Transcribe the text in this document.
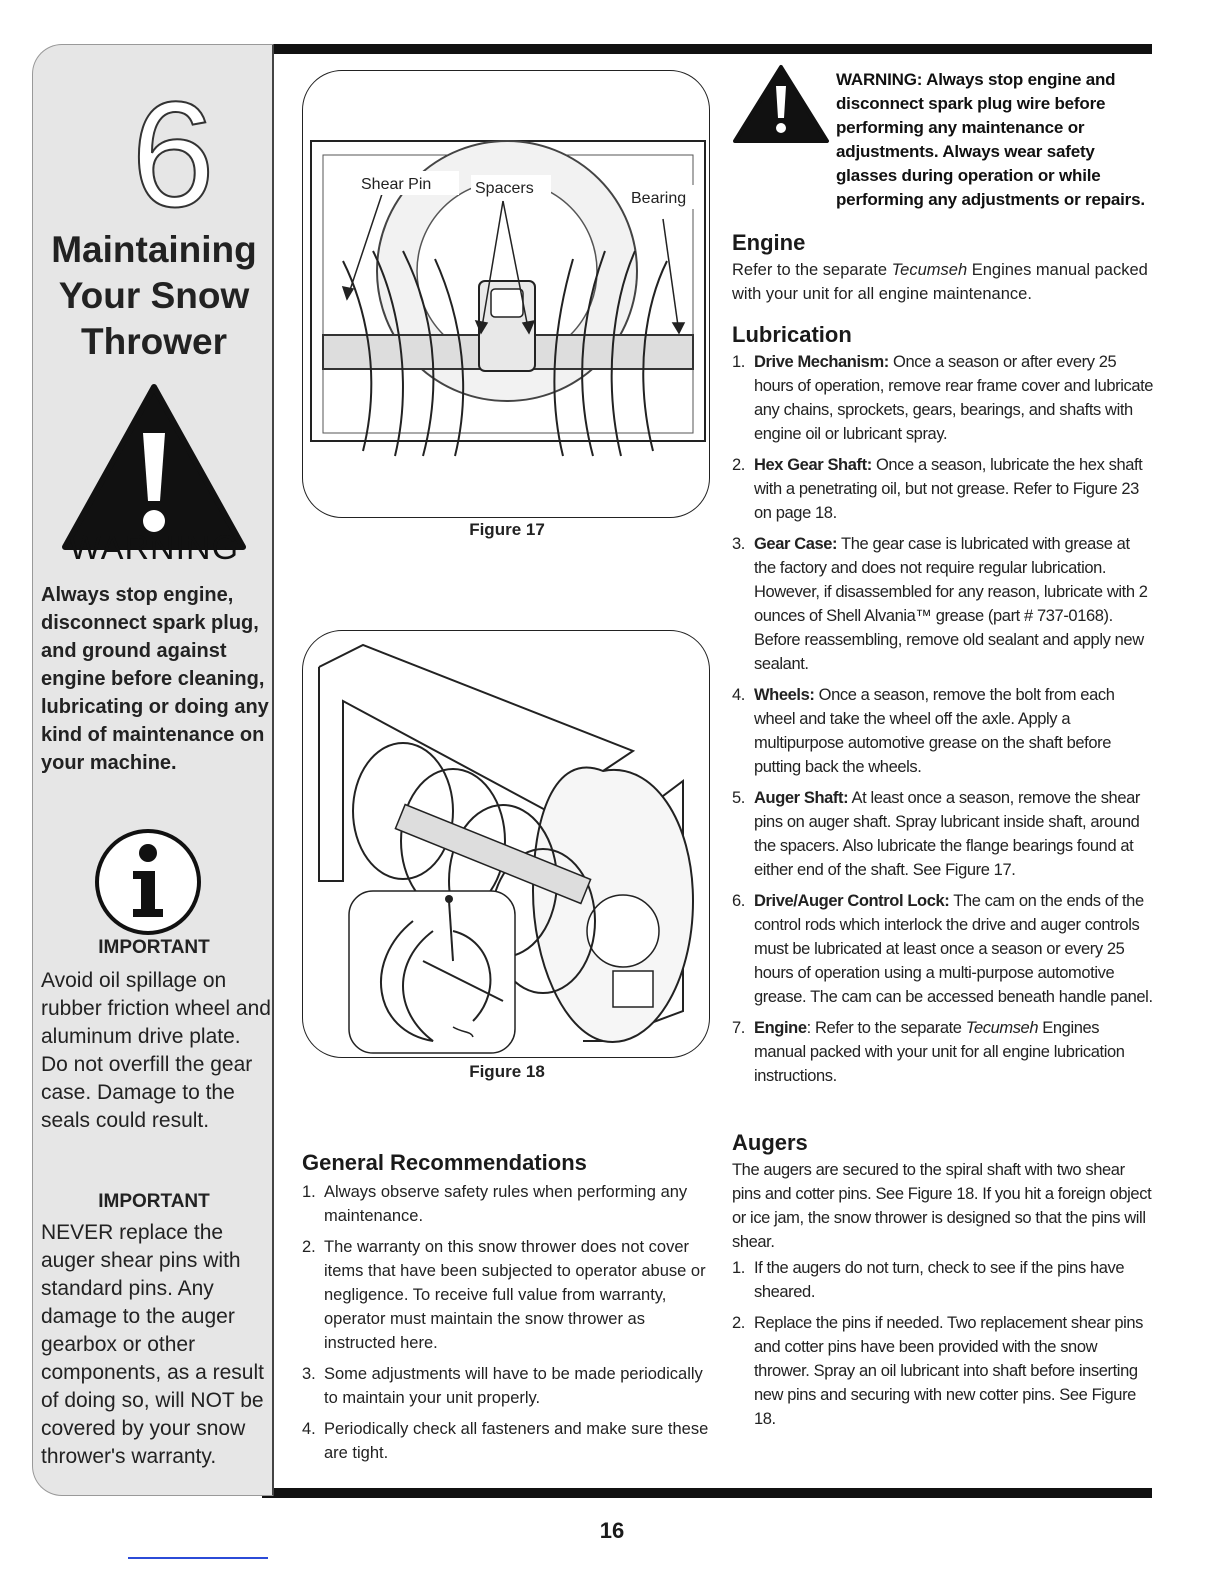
6
Maintaining
Your Snow
Thrower
WARNING
Always stop engine, disconnect spark plug, and ground against engine before cleaning, lubricating or doing any kind of maintenance on your machine.
IMPORTANT
Avoid oil spillage on rubber friction wheel and aluminum drive plate. Do not overfill the gear case. Damage to the seals could result.
IMPORTANT
NEVER replace the auger shear pins with standard pins. Any damage to the auger gearbox or other components, as a result of doing so, will NOT be covered by your snow thrower's warranty.
Shear Pin	Spacers
Bearing
Figure 17
Figure 18
General Recommendations
1. Always observe safety rules when performing any maintenance.
2. The warranty on this snow thrower does not cover items that have been subjected to operator abuse or negligence. To receive full value from warranty, operator must maintain the snow thrower as instructed here.
3. Some adjustments will have to be made periodically to maintain your unit properly.
4. Periodically check all fasteners and make sure these are tight.
WARNING: Always stop engine and disconnect spark plug wire before performing any maintenance or adjustments. Always wear safety glasses during operation or while performing any adjustments or repairs.
Engine
Refer to the separate Tecumseh Engines manual packed with your unit for all engine maintenance.
Lubrication
1. Drive Mechanism: Once a season or after every 25 hours of operation, remove rear frame cover and lubricate any chains, sprockets, gears, bearings, and shafts with engine oil or lubricant spray.
2. Hex Gear Shaft: Once a season, lubricate the hex shaft with a penetrating oil, but not grease. Refer to Figure 23 on page 18.
3. Gear Case: The gear case is lubricated with grease at the factory and does not require regular lubrication. However, if disassembled for any reason, lubricate with 2 ounces of Shell Alvania™ grease (part # 737-0168). Before reassembling, remove old sealant and apply new sealant.
4. Wheels: Once a season, remove the bolt from each wheel and take the wheel off the axle. Apply a multipurpose automotive grease on the shaft before putting back the wheels.
5. Auger Shaft: At least once a season, remove the shear pins on auger shaft. Spray lubricant inside shaft, around the spacers. Also lubricate the flange bearings found at either end of the shaft. See Figure 17.
6. Drive/Auger Control Lock: The cam on the ends of the control rods which interlock the drive and auger controls must be lubricated at least once a season or every 25 hours of operation using a multi-purpose automotive grease. The cam can be accessed beneath handle panel.
7. Engine: Refer to the separate Tecumseh Engines manual packed with your unit for all engine lubrication instructions.
Augers
The augers are secured to the spiral shaft with two shear pins and cotter pins. See Figure 18. If you hit a foreign object or ice jam, the snow thrower is designed so that the pins will shear.
1. If the augers do not turn, check to see if the pins have sheared.
2. Replace the pins if needed. Two replacement shear pins and cotter pins have been provided with the snow thrower. Spray an oil lubricant into shaft before inserting new pins and securing with new cotter pins. See Figure 18.
16
